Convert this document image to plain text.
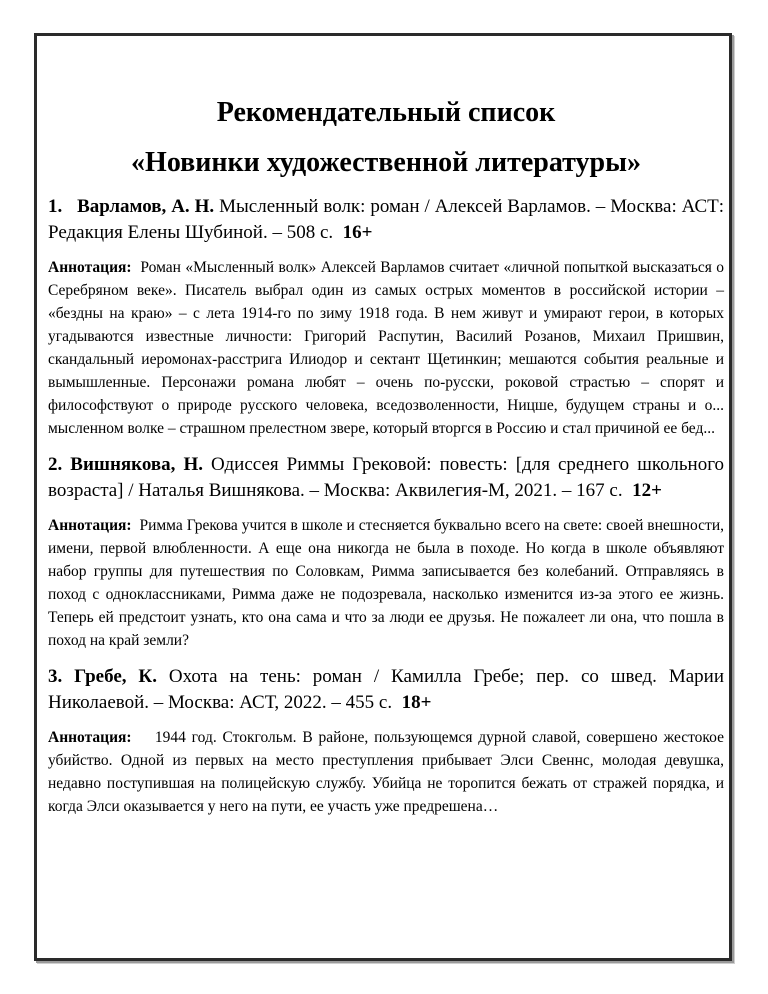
Рекомендательный список
«Новинки художественной литературы»
1. Варламов, А. Н. Мысленный волк: роман / Алексей Варламов. – Москва: АСТ: Редакция Елены Шубиной. – 508 с. 16+
Аннотация: Роман «Мысленный волк» Алексей Варламов считает «личной попыткой высказаться о Серебряном веке». Писатель выбрал один из самых острых моментов в российской истории – «бездны на краю» – с лета 1914-го по зиму 1918 года. В нем живут и умирают герои, в которых угадываются известные личности: Григорий Распутин, Василий Розанов, Михаил Пришвин, скандальный иеромонах-расстрига Илиодор и сектант Щетинкин; мешаются события реальные и вымышленные. Персонажи романа любят – очень по-русски, роковой страстью – спорят и философствуют о природе русского человека, вседозволенности, Ницше, будущем страны и о... мысленном волке – страшном прелестном звере, который вторгся в Россию и стал причиной ее бед...
2. Вишнякова, Н. Одиссея Риммы Грековой: повесть: [для среднего школьного возраста] / Наталья Вишнякова. – Москва: Аквилегия-М, 2021. – 167 с. 12+
Аннотация: Римма Грекова учится в школе и стесняется буквально всего на свете: своей внешности, имени, первой влюбленности. А еще она никогда не была в походе. Но когда в школе объявляют набор группы для путешествия по Соловкам, Римма записывается без колебаний. Отправляясь в поход с одноклассниками, Римма даже не подозревала, насколько изменится из-за этого ее жизнь. Теперь ей предстоит узнать, кто она сама и что за люди ее друзья. Не пожалеет ли она, что пошла в поход на край земли?
3. Гребе, К. Охота на тень: роман / Камилла Гребе; пер. со швед. Марии Николаевой. – Москва: АСТ, 2022. – 455 с. 18+
Аннотация: 1944 год. Стокгольм. В районе, пользующемся дурной славой, совершено жестокое убийство. Одной из первых на место преступления прибывает Элси Свеннс, молодая девушка, недавно поступившая на полицейскую службу. Убийца не торопится бежать от стражей порядка, и когда Элси оказывается у него на пути, ее участь уже предрешена…
